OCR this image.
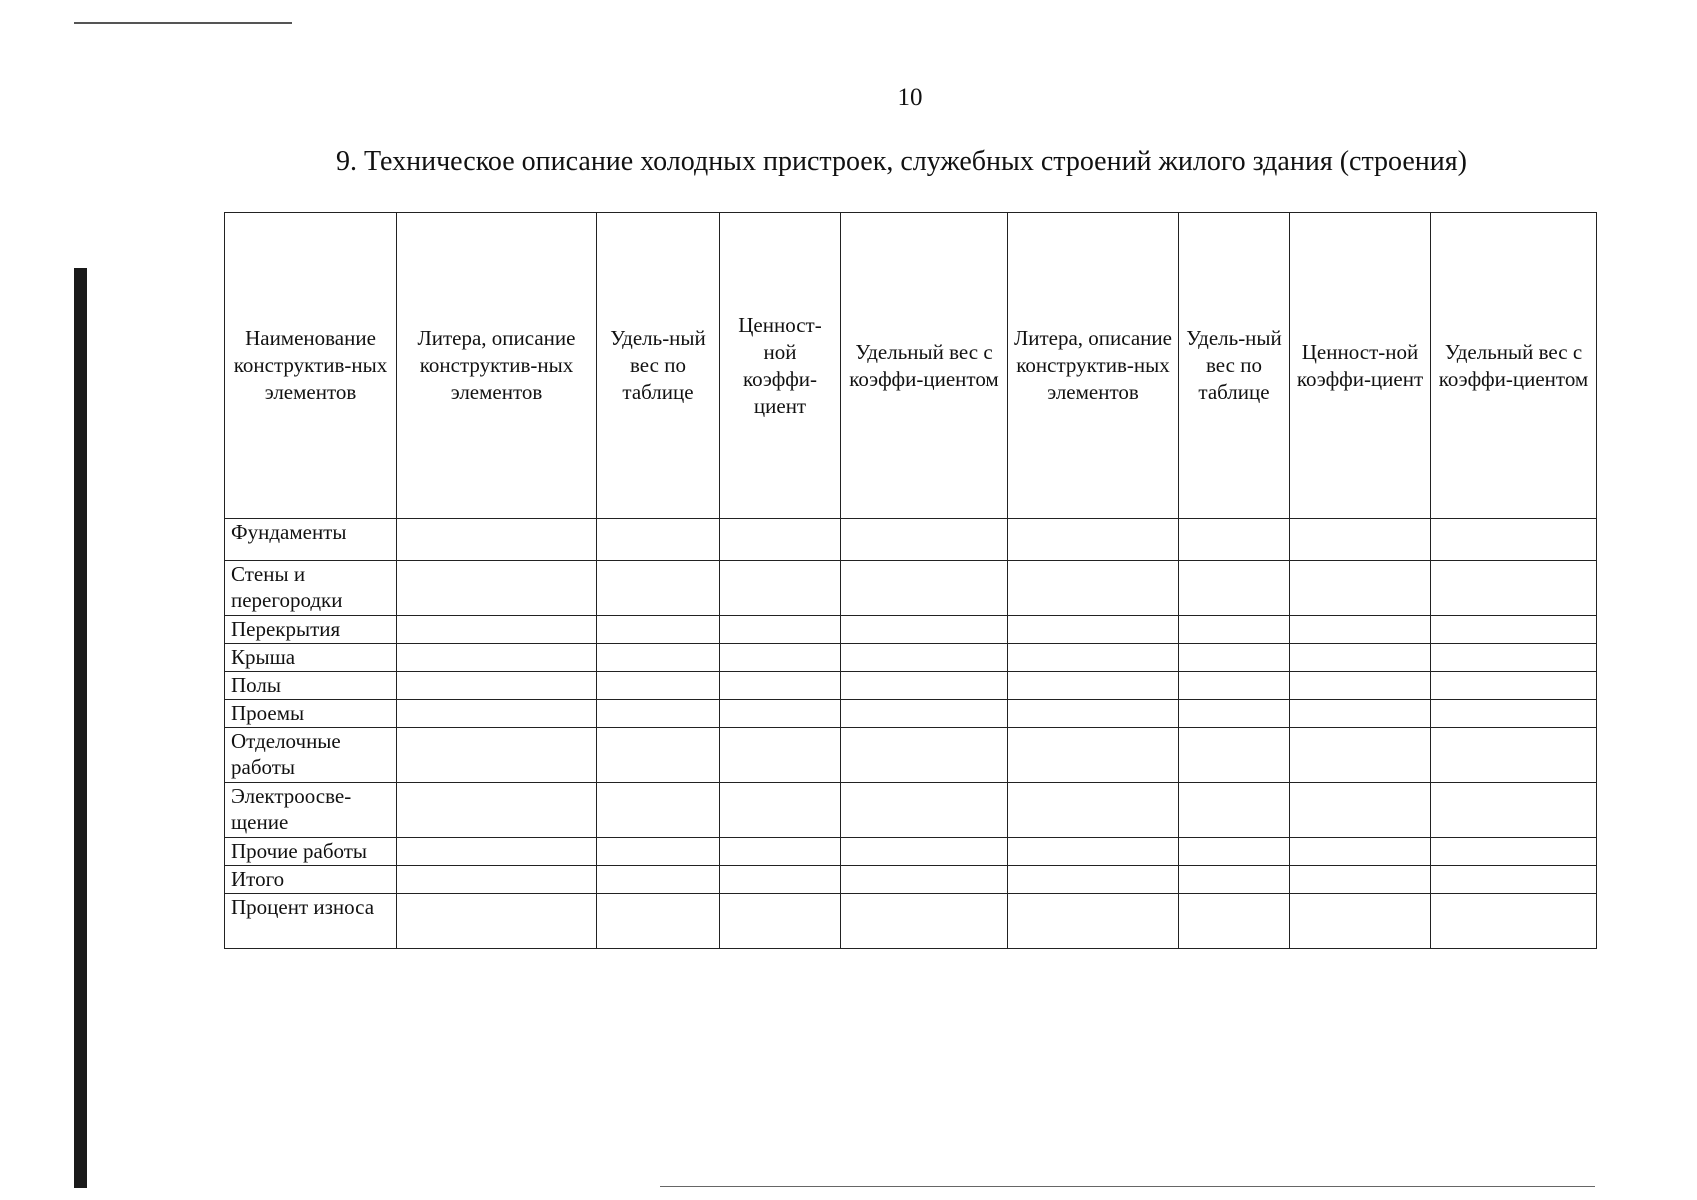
10
9. Техническое описание холодных пристроек, служебных строений жилого здания (строения)
Наименование конструктив-ных элементов	Литера, описание конструктив-ных элементов	Удель-ный вес по таблице	Ценност-ной коэффи-циент	Удельный вес с коэффи-циентом	Литера, описание конструктив-ных элементов	Удель-ный вес по таблице	Ценност-ной коэффи-циент	Удельный вес с коэффи-циентом
Фундаменты								
Стены и перегородки								
Перекрытия								
Крыша								
Полы								
Проемы								
Отделочные работы								
Электроосве-щение								
Прочие работы								
Итого								
Процент износа								
